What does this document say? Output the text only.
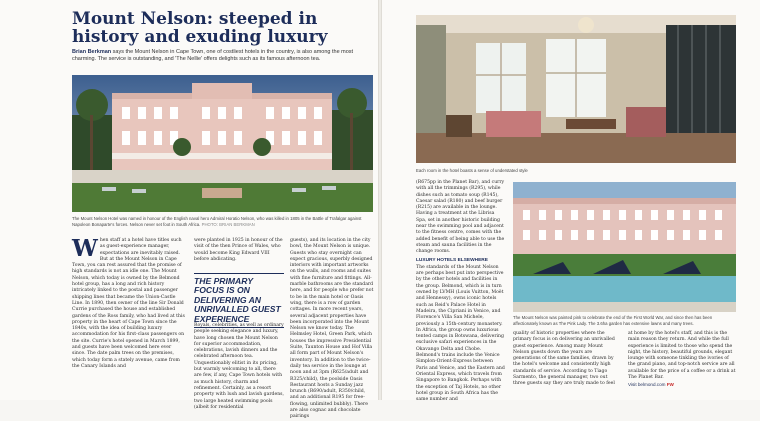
Mount Nelson: steeped in history and exuding luxury

Brian Berkman says the Mount Nelson in Cape Town, one of costliest hotels in the country, is also among the most charming. The service is outstanding, and 'The Nellie' offers delights such as its famous afternoon tea.

The Mount Nelson Hotel was named in honour of the English naval hero Admiral Horatio Nelson, who was killed in 1805 in the Battle of Trafalgar against Napoleon Bonaparte's forces. Nelson never set foot in South Africa. PHOTO: BRIAN BERKMAN
When staff at a hotel have titles such as guest-experience manager, expectations are inevitably raised. But at the Mount Nelson in Cape Town, you can rest assured that the promise of high standards is not an idle one. The Mount Nelson, which today is owned by the Belmond hotel group, has a long and rich history intricately linked to the postal and passenger shipping lines that became the Union-Castle Line. In 1890, then owner of the line Sir Donald Currie purchased the house and established gardens of the Ross family, who had lived at this property in the heart of Cape Town since the 1840s, with the idea of building luxury accommodation for his first-class passengers on the site. Currie's hotel opened in March 1899, and guests have been welcomed here ever since. The date palm trees on the premises, which today form a stately avenue, came from the Canary Islands and

were planted in 1925 in honour of the visit of the then Prince of Wales, who would become King Edward VIII before abdicating.

THE PRIMARY FOCUS IS ON DELIVERING AN UNRIVALLED GUEST EXPERIENCE

Royals, celebrities, as well as ordinary people seeking elegance and luxury, have long chosen the Mount Nelson for superior accommodation, celebrations, lavish dinners and the celebrated afternoon tea. Unquestionably elitist in its pricing, but warmly welcoming to all, there are few, if any, Cape Town hotels with as much history, charm and refinement. Certainly, as a resort property with lush and lavish gardens, two large heated swimming pools (albeit for residential

guests), and its location in the city bowl, the Mount Nelson is unique. Guests who stay overnight can expect gracious, superbly designed interiors with important artworks on the walls, and rooms and suites with fine furniture and fittings. All-marble bathrooms are the standard here, and for people who prefer not to be in the main hotel or Oasis wing, there is a row of garden cottages. In more recent years, several adjacent properties have been incorporated into the Mount Nelson we know today. The Helmsley Hotel, Green Park, which houses the impressive Presidential Suite, Taunton House and Hof Villa all form part of Mount Nelson's inventory. In addition to the twice-daily tea service in the lounge at noon and at 3pm (R625/adult and R325/child), the poolside Oasis Restaurant hosts a Sunday jazz brunch (R690/adult, R350/child, and an additional R195 for free-flowing, unlimited bubbly). There are also cognac and chocolate pairings

Each room in the hotel boasts a sense of understated style

(R675pp in the Planet Bar), and curry with all the trimmings (R295), while dishes such as tomato soup (R145), Caesar salad (R180) and beef burger (R215) are available in the lounge. Having a treatment at the Librisa Spa, set in another historic building near the swimming pool and adjacent to the fitness centre, comes with the added benefit of being able to use the steam and sauna facilities in the change rooms.

LUXURY HOTELS ELSEWHERE

The standards of the Mount Nelson are perhaps best put into perspective by the other hotels and facilities in the group. Belmond, which is in turn owned by LVMH (Louis Vuitton, Moët and Hennessy), owns iconic hotels such as Reid's Palace Hotel in Madeira, the Cipriani in Venice, and Florence's Villa San Michele, previously a 15th-century monastery. In Africa, the group owns luxurious tented camps in Botswana, delivering exclusive safari experiences in the Okavango Delta and Chobe. Belmond's trains include the Venice Simplon-Orient-Express between Paris and Venice, and the Eastern and Oriental Express, which travels from Singapore to Bangkok. Perhaps with the exception of Taj Hotels, no other hotel group in South Africa has the same number and

The Mount Nelson was painted pink to celebrate the end of the First World War, and since then has been affectionately known as The Pink Lady. The 3.6ha garden has extensive lawns and many trees.

quality of historic properties where the primary focus is on delivering an unrivalled guest experience. Among many Mount Nelson guests down the years are generations of the same families, drawn by the hotel's welcome and consistently high standards of service. According to Tiago Sarmento, the general manager, two out three guests say they are truly made to feel

at home by the hotel's staff, and this is the main reason they return. And while the full experience is limited to those who spend the night, the history, beautiful grounds, elegant lounge with someone tinkling the ivories of the grand piano, and top-notch service are all available for the price of a coffee or a drink at The Planet Bar.

Visit belmond.com FW
